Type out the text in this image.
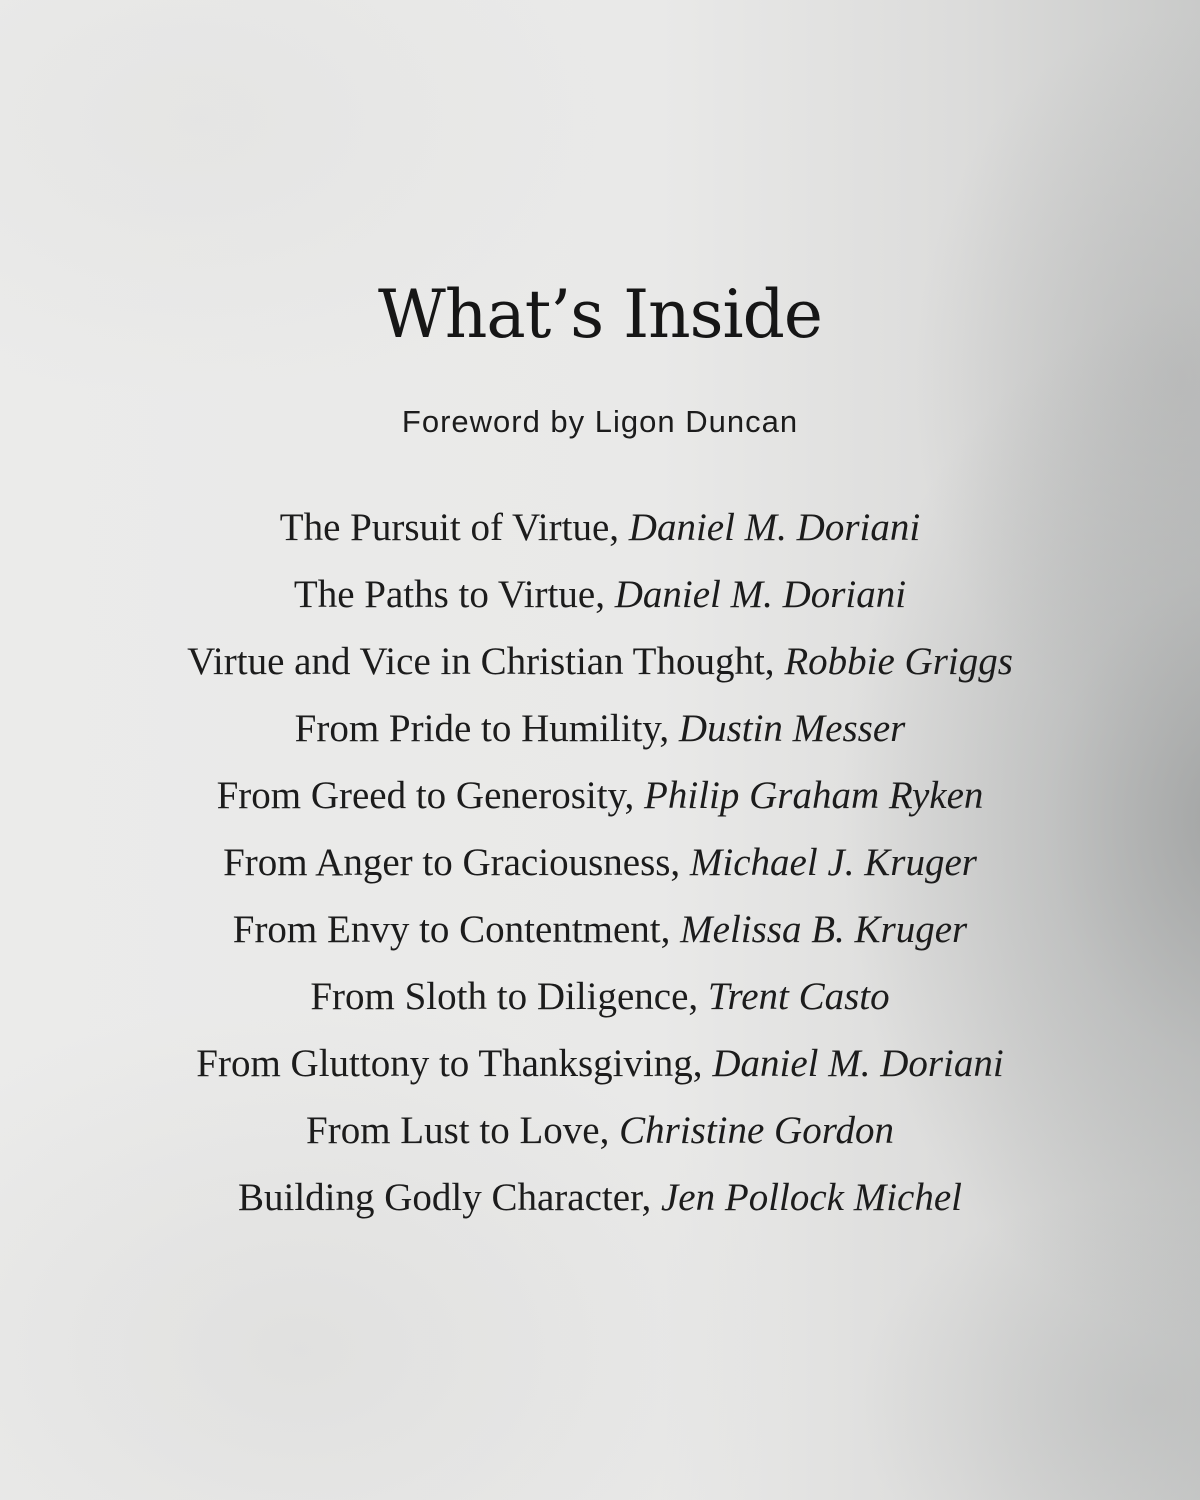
What’s Inside
Foreword by Ligon Duncan
The Pursuit of Virtue, Daniel M. Doriani
The Paths to Virtue, Daniel M. Doriani
Virtue and Vice in Christian Thought, Robbie Griggs
From Pride to Humility, Dustin Messer
From Greed to Generosity, Philip Graham Ryken
From Anger to Graciousness, Michael J. Kruger
From Envy to Contentment, Melissa B. Kruger
From Sloth to Diligence, Trent Casto
From Gluttony to Thanksgiving, Daniel M. Doriani
From Lust to Love, Christine Gordon
Building Godly Character, Jen Pollock Michel
